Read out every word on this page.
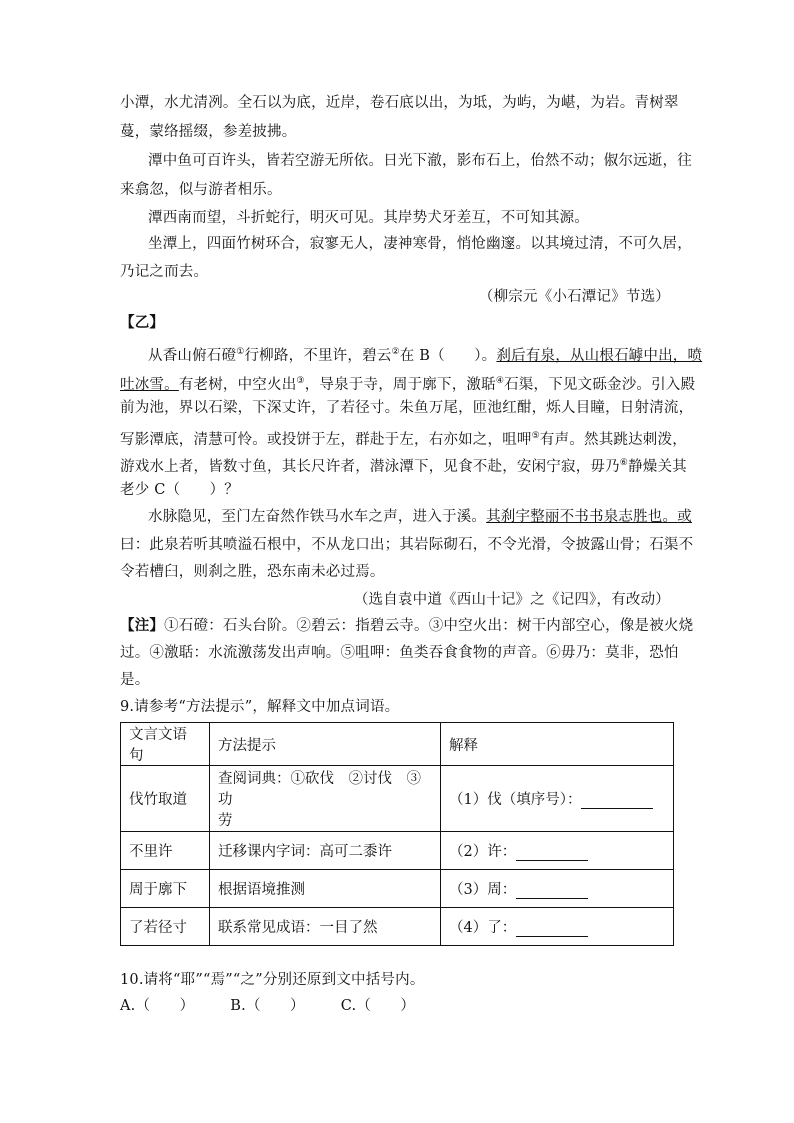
小潭，水尤清冽。全石以为底，近岸，卷石底以出，为坻，为屿，为嵁，为岩。青树翠
蔓，蒙络摇缀，参差披拂。
潭中鱼可百许头，皆若空游无所依。日光下澈，影布石上，佁然不动；俶尔远逝，往
来翕忽，似与游者相乐。
潭西南而望，斗折蛇行，明灭可见。其岸势犬牙差互，不可知其源。
坐潭上，四面竹树环合，寂寥无人，凄神寒骨，悄怆幽邃。以其境过清，不可久居，
乃记之而去。
（柳宗元《小石潭记》节选）
【乙】
从香山俯石磴①行柳路，不里许，碧云②在 B（　　）。刹后有泉，从山根石罅中出，喷
吐冰雪。有老树，中空火出③，导泉于寺，周于廓下，激聒④石渠，下见文砾金沙。引入殿
前为池，界以石梁，下深丈许，了若径寸。朱鱼万尾，匝池红酣，烁人目瞳，日射清流，
写影潭底，清慧可怜。或投饼于左，群赴于左，右亦如之，咀呷⑤有声。然其跳达刺泼，
游戏水上者，皆数寸鱼，其长尺许者，潜泳潭下，见食不赴，安闲宁寂，毋乃⑥静燥关其
老少 C（　　）？
水脉隐见，至门左奋然作铁马水车之声，进入于溪。其刹宇整丽不书书泉志胜也。或
曰：此泉若听其喷溢石根中，不从龙口出；其岩际砌石，不令光滑，令披露山骨；石渠不
令若槽臼，则刹之胜，恐东南未必过焉。
（选自袁中道《西山十记》之《记四》，有改动）
【注】①石磴：石头台阶。②碧云：指碧云寺。③中空火出：树干内部空心，像是被火烧
过。④激聒：水流激荡发出声响。⑤咀呷：鱼类吞食食物的声音。⑥毋乃：莫非，恐怕
是。
9.请参考“方法提示”，解释文中加点词语。
文言文语句	方法提示	解释
伐竹取道	查阅词典：①砍伐　②讨伐　③功
劳	（1）伐（填序号）：
不里许	迁移课内字词：高可二黍许	（2）许：
周于廓下	根据语境推测	（3）周：
了若径寸	联系常见成语：一目了然	（4）了：
10.请将“耶”“焉”“之”分别还原到文中括号内。
A.（　　） B.（　　） C.（　　）
